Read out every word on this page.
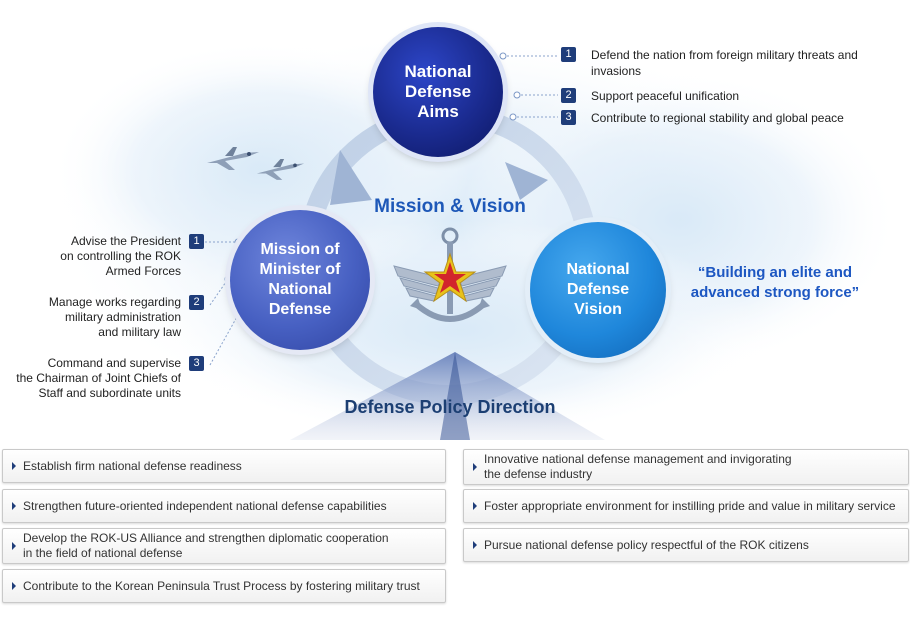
National
Defense
Aims
Mission of
Minister of
National
Defense
National
Defense
Vision
Mission & Vision
“Building an elite and
advanced strong force”
1	Defend the nation from foreign military threats and
invasions
2	Support peaceful unification
3	Contribute to regional stability and global peace
Advise the President
on controlling the ROK
Armed Forces
1
Manage works regarding
military administration
and military law
2
Command and supervise
the Chairman of Joint Chiefs of
Staff and subordinate units
3
Defense Policy Direction
Establish firm national defense readiness
Strengthen future-oriented independent national defense capabilities
Develop the ROK-US Alliance and strengthen diplomatic cooperation
in the field of national defense
Contribute to the Korean Peninsula Trust Process by fostering military trust
Innovative national defense management and invigorating
the defense industry
Foster appropriate environment for instilling pride and value in military service
Pursue national defense policy respectful of the ROK citizens
